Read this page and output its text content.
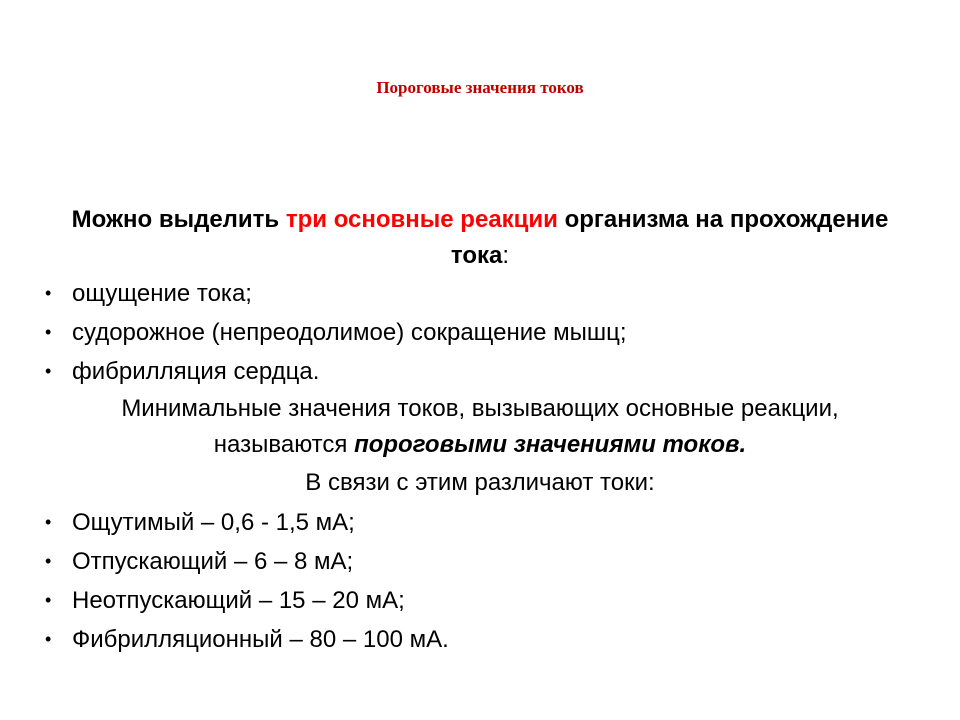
Пороговые значения токов
Можно выделить три основные реакции организма на прохождение тока:
• ощущение тока;
• судорожное (непреодолимое) сокращение мышц;
• фибрилляция сердца.
Минимальные значения токов, вызывающих основные реакции, называются пороговыми значениями токов.
В связи с этим различают токи:
• Ощутимый – 0,6 - 1,5 мА;
• Отпускающий – 6 – 8 мА;
• Неотпускающий – 15 – 20 мА;
• Фибрилляционный – 80 – 100 мА.
